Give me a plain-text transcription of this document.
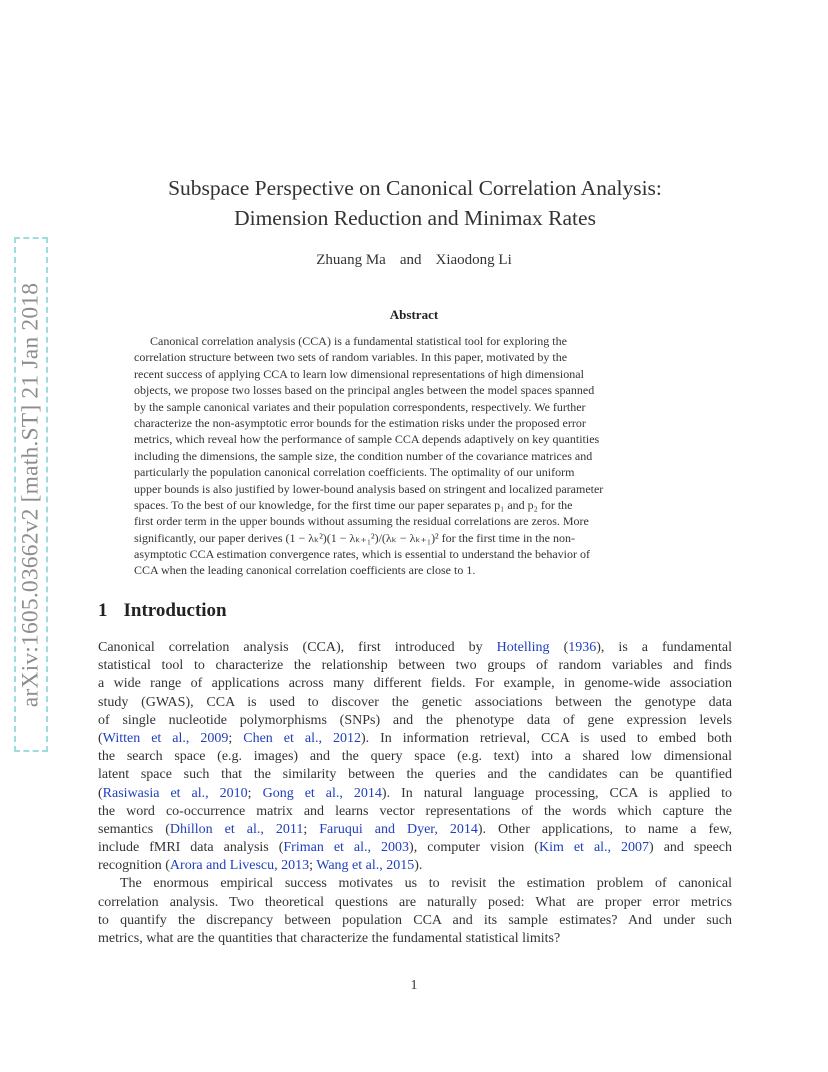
arXiv:1605.03662v2 [math.ST] 21 Jan 2018
Subspace Perspective on Canonical Correlation Analysis:
Dimension Reduction and Minimax Rates
Zhuang Ma and Xiaodong Li
Abstract
Canonical correlation analysis (CCA) is a fundamental statistical tool for exploring the
correlation structure between two sets of random variables. In this paper, motivated by the
recent success of applying CCA to learn low dimensional representations of high dimensional
objects, we propose two losses based on the principal angles between the model spaces spanned
by the sample canonical variates and their population correspondents, respectively. We further
characterize the non-asymptotic error bounds for the estimation risks under the proposed error
metrics, which reveal how the performance of sample CCA depends adaptively on key quantities
including the dimensions, the sample size, the condition number of the covariance matrices and
particularly the population canonical correlation coefficients. The optimality of our uniform
upper bounds is also justified by lower-bound analysis based on stringent and localized parameter
spaces. To the best of our knowledge, for the first time our paper separates p₁ and p₂ for the
first order term in the upper bounds without assuming the residual correlations are zeros. More
significantly, our paper derives (1 − λₖ²)(1 − λₖ₊₁²)/(λₖ − λₖ₊₁)² for the first time in the non-
asymptotic CCA estimation convergence rates, which is essential to understand the behavior of
CCA when the leading canonical correlation coefficients are close to 1.
1 Introduction
Canonical correlation analysis (CCA), first introduced by Hotelling (1936), is a fundamental
statistical tool to characterize the relationship between two groups of random variables and finds
a wide range of applications across many different fields. For example, in genome-wide association
study (GWAS), CCA is used to discover the genetic associations between the genotype data
of single nucleotide polymorphisms (SNPs) and the phenotype data of gene expression levels
(Witten et al., 2009; Chen et al., 2012). In information retrieval, CCA is used to embed both
the search space (e.g. images) and the query space (e.g. text) into a shared low dimensional
latent space such that the similarity between the queries and the candidates can be quantified
(Rasiwasia et al., 2010; Gong et al., 2014). In natural language processing, CCA is applied to
the word co-occurrence matrix and learns vector representations of the words which capture the
semantics (Dhillon et al., 2011; Faruqui and Dyer, 2014). Other applications, to name a few,
include fMRI data analysis (Friman et al., 2003), computer vision (Kim et al., 2007) and speech
recognition (Arora and Livescu, 2013; Wang et al., 2015).
The enormous empirical success motivates us to revisit the estimation problem of canonical
correlation analysis. Two theoretical questions are naturally posed: What are proper error metrics
to quantify the discrepancy between population CCA and its sample estimates? And under such
metrics, what are the quantities that characterize the fundamental statistical limits?
1
